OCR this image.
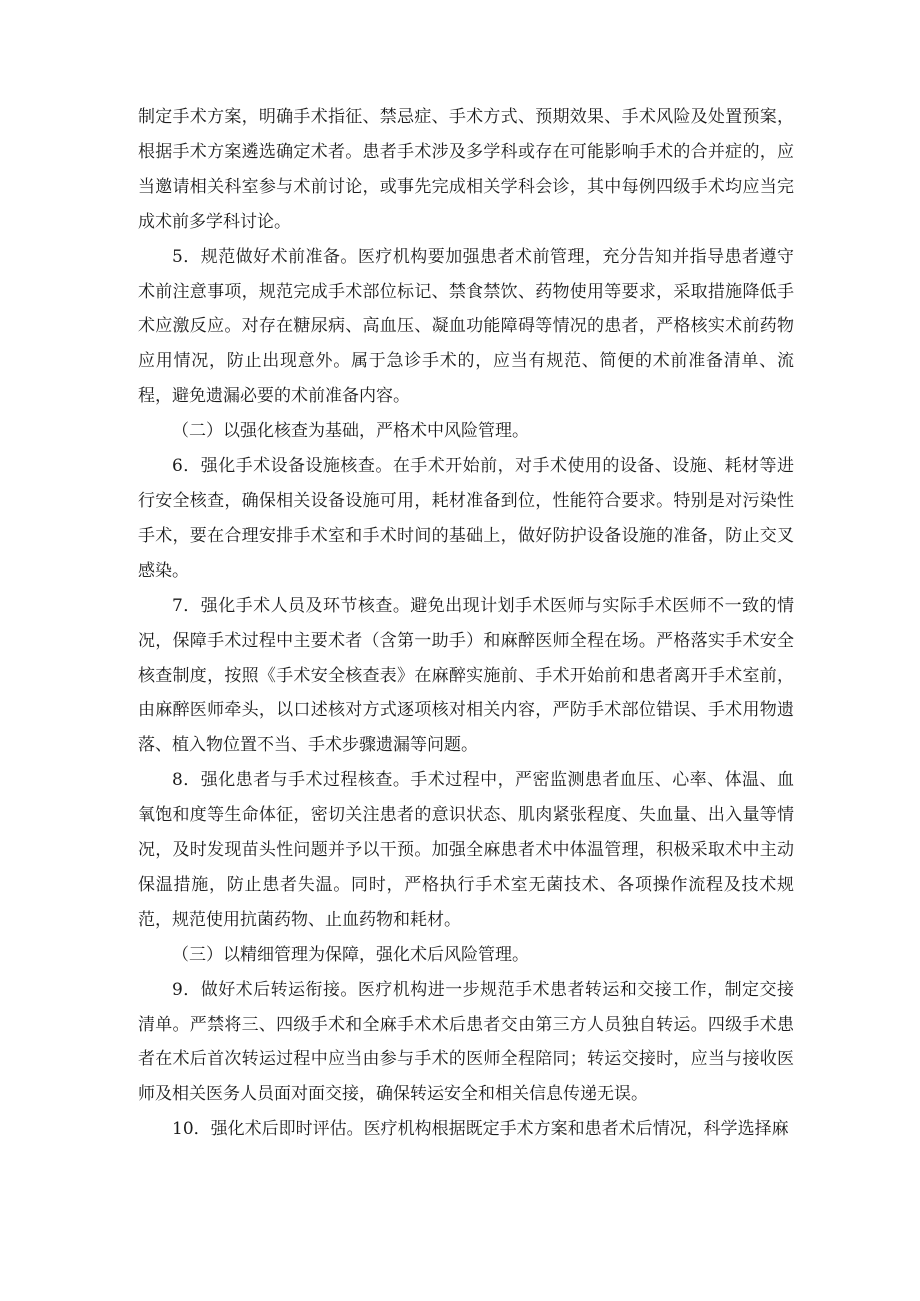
制定手术方案，明确手术指征、禁忌症、手术方式、预期效果、手术风险及处置预案，根据手术方案遴选确定术者。患者手术涉及多学科或存在可能影响手术的合并症的，应当邀请相关科室参与术前讨论，或事先完成相关学科会诊，其中每例四级手术均应当完成术前多学科讨论。

5．规范做好术前准备。医疗机构要加强患者术前管理，充分告知并指导患者遵守术前注意事项，规范完成手术部位标记、禁食禁饮、药物使用等要求，采取措施降低手术应激反应。对存在糖尿病、高血压、凝血功能障碍等情况的患者，严格核实术前药物应用情况，防止出现意外。属于急诊手术的，应当有规范、简便的术前准备清单、流程，避免遗漏必要的术前准备内容。

（二）以强化核查为基础，严格术中风险管理。

6．强化手术设备设施核查。在手术开始前，对手术使用的设备、设施、耗材等进行安全核查，确保相关设备设施可用，耗材准备到位，性能符合要求。特别是对污染性手术，要在合理安排手术室和手术时间的基础上，做好防护设备设施的准备，防止交叉感染。

7．强化手术人员及环节核查。避免出现计划手术医师与实际手术医师不一致的情况，保障手术过程中主要术者（含第一助手）和麻醉医师全程在场。严格落实手术安全核查制度，按照《手术安全核查表》在麻醉实施前、手术开始前和患者离开手术室前，由麻醉医师牵头，以口述核对方式逐项核对相关内容，严防手术部位错误、手术用物遗落、植入物位置不当、手术步骤遗漏等问题。

8．强化患者与手术过程核查。手术过程中，严密监测患者血压、心率、体温、血氧饱和度等生命体征，密切关注患者的意识状态、肌肉紧张程度、失血量、出入量等情况，及时发现苗头性问题并予以干预。加强全麻患者术中体温管理，积极采取术中主动保温措施，防止患者失温。同时，严格执行手术室无菌技术、各项操作流程及技术规范，规范使用抗菌药物、止血药物和耗材。

（三）以精细管理为保障，强化术后风险管理。

9．做好术后转运衔接。医疗机构进一步规范手术患者转运和交接工作，制定交接清单。严禁将三、四级手术和全麻手术术后患者交由第三方人员独自转运。四级手术患者在术后首次转运过程中应当由参与手术的医师全程陪同；转运交接时，应当与接收医师及相关医务人员面对面交接，确保转运安全和相关信息传递无误。

10．强化术后即时评估。医疗机构根据既定手术方案和患者术后情况，科学选择麻
